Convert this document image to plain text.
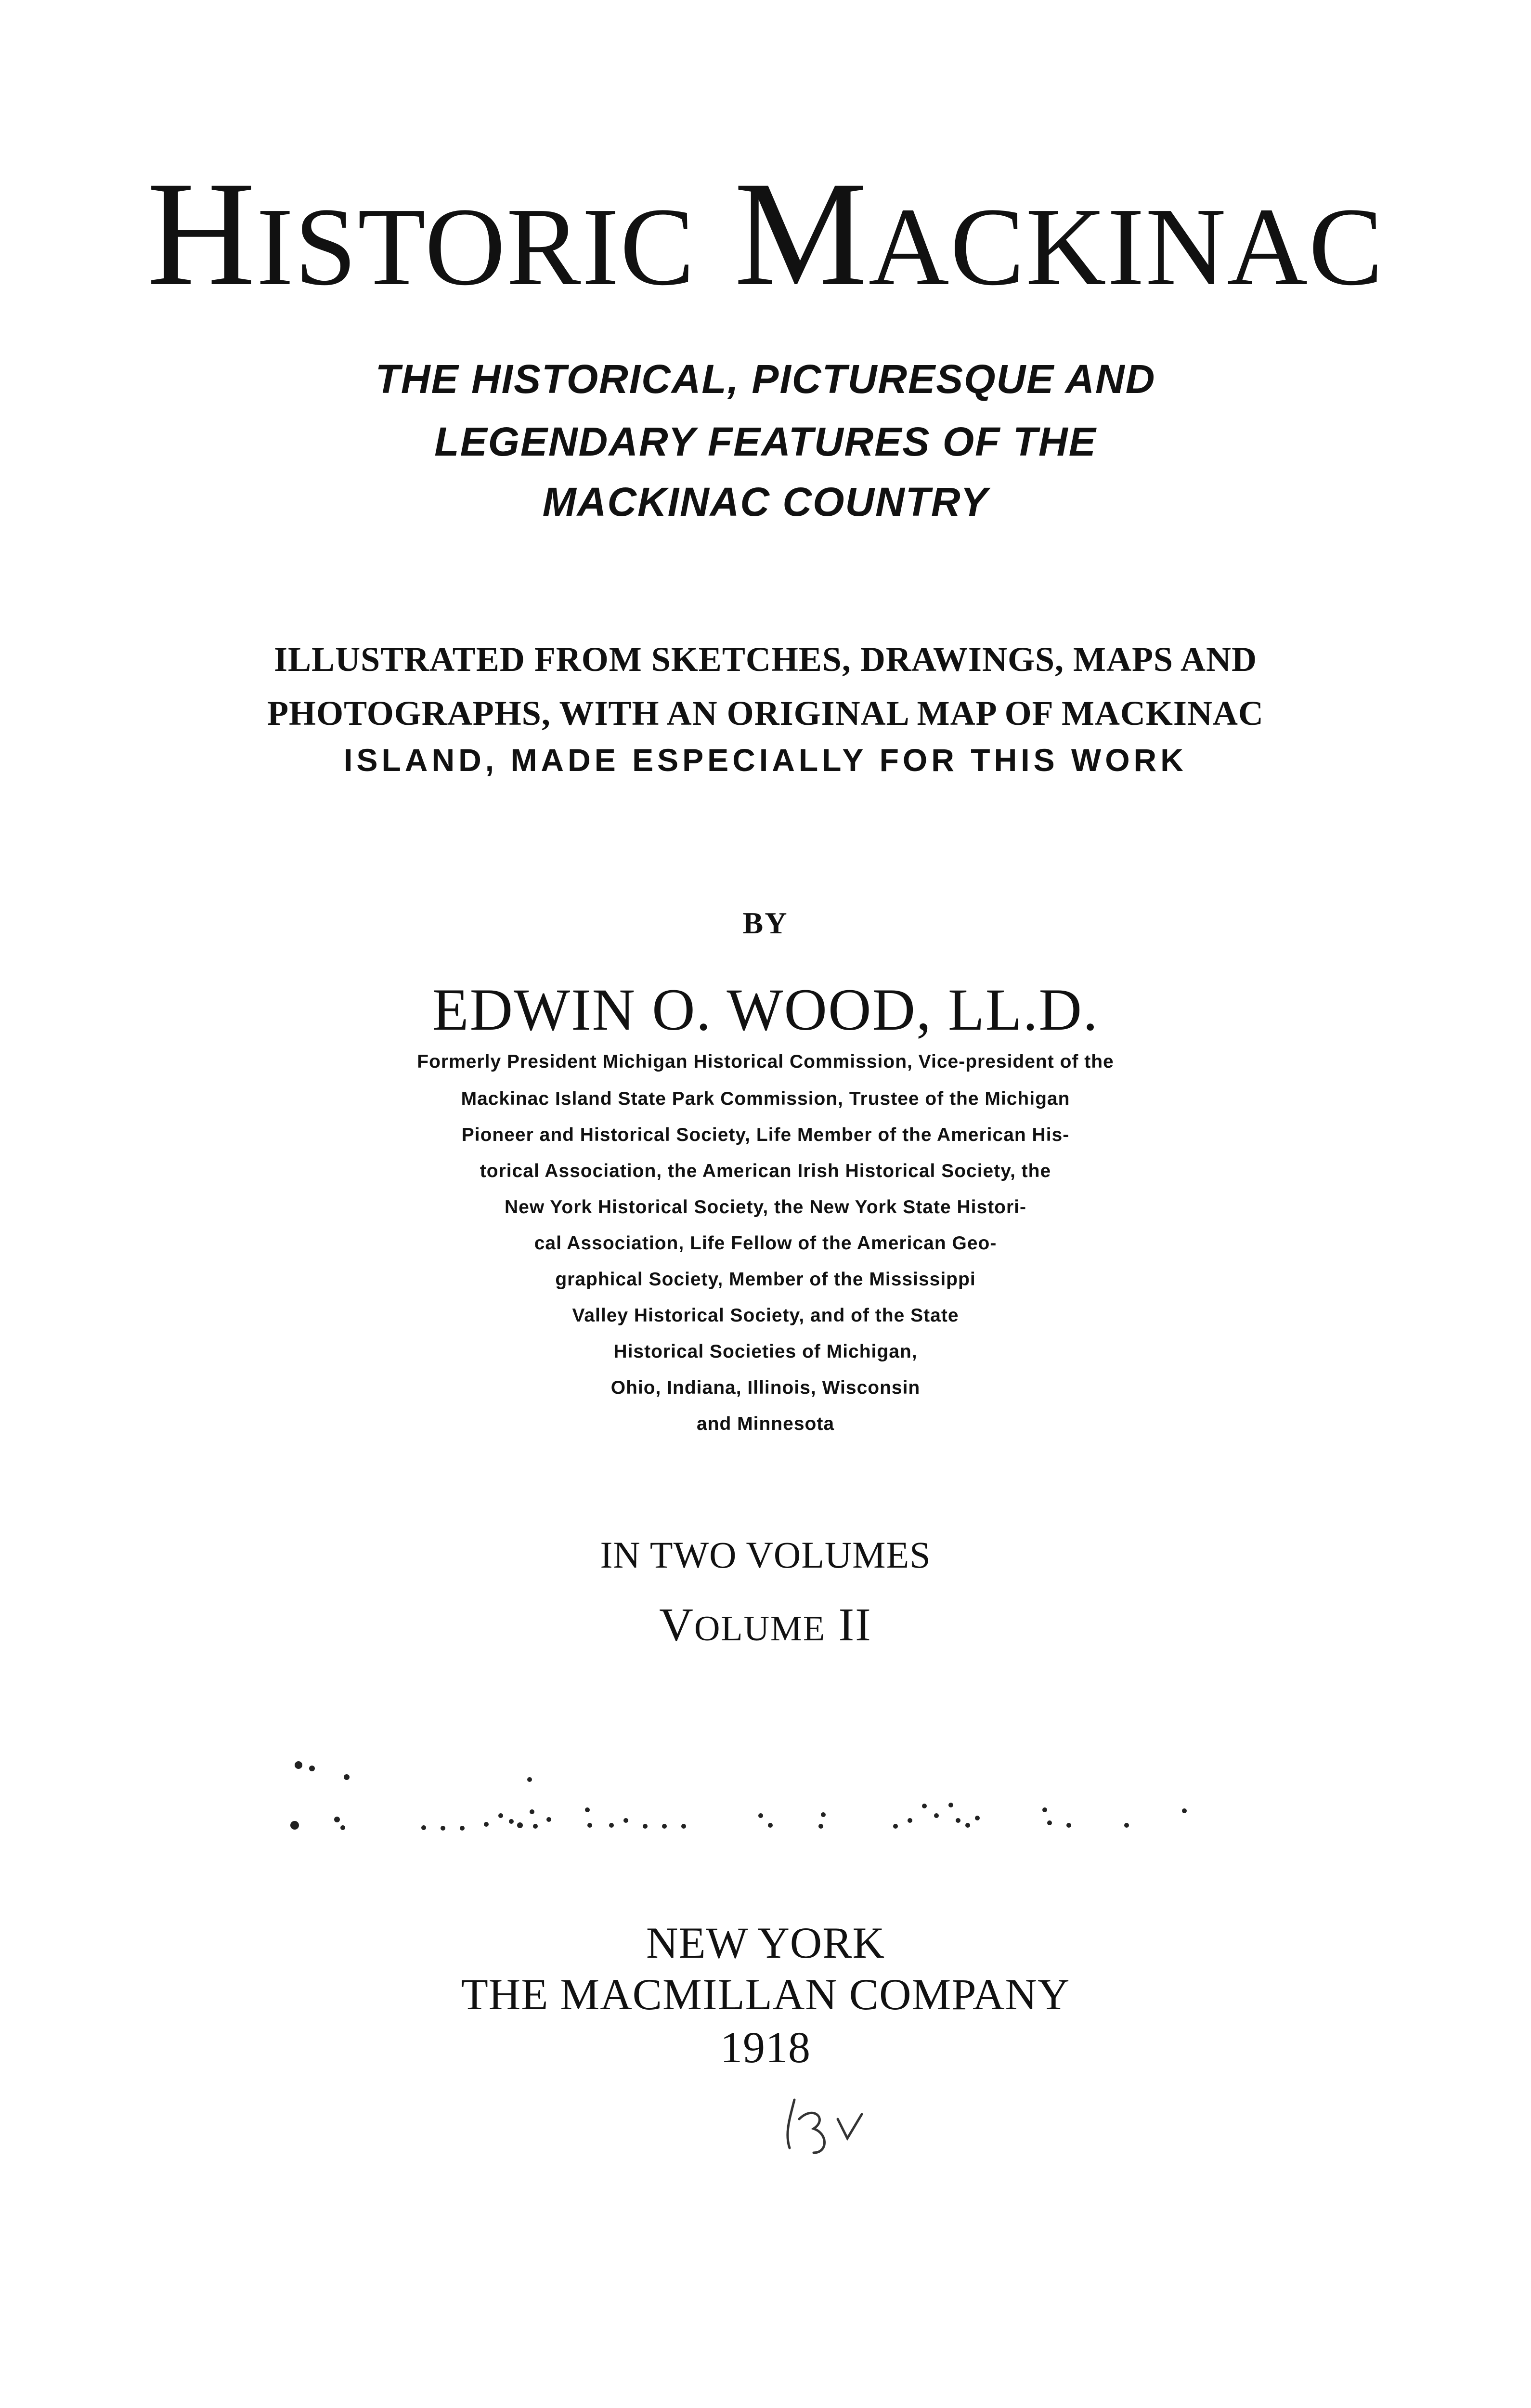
HISTORIC MACKINAC
THE HISTORICAL, PICTURESQUE AND
LEGENDARY FEATURES OF THE
MACKINAC COUNTRY
ILLUSTRATED FROM SKETCHES, DRAWINGS, MAPS AND
PHOTOGRAPHS, WITH AN ORIGINAL MAP OF MACKINAC
ISLAND, MADE ESPECIALLY FOR THIS WORK
BY
EDWIN O. WOOD, LL.D.
Formerly President Michigan Historical Commission, Vice-president of the
Mackinac Island State Park Commission, Trustee of the Michigan
Pioneer and Historical Society, Life Member of the American His-
torical Association, the American Irish Historical Society, the
New York Historical Society, the New York State Histori-
cal Association, Life Fellow of the American Geo-
graphical Society, Member of the Mississippi
Valley Historical Society, and of the State
Historical Societies of Michigan,
Ohio, Indiana, Illinois, Wisconsin
and Minnesota
IN TWO VOLUMES
VOLUME II
NEW YORK
THE MACMILLAN COMPANY
1918
